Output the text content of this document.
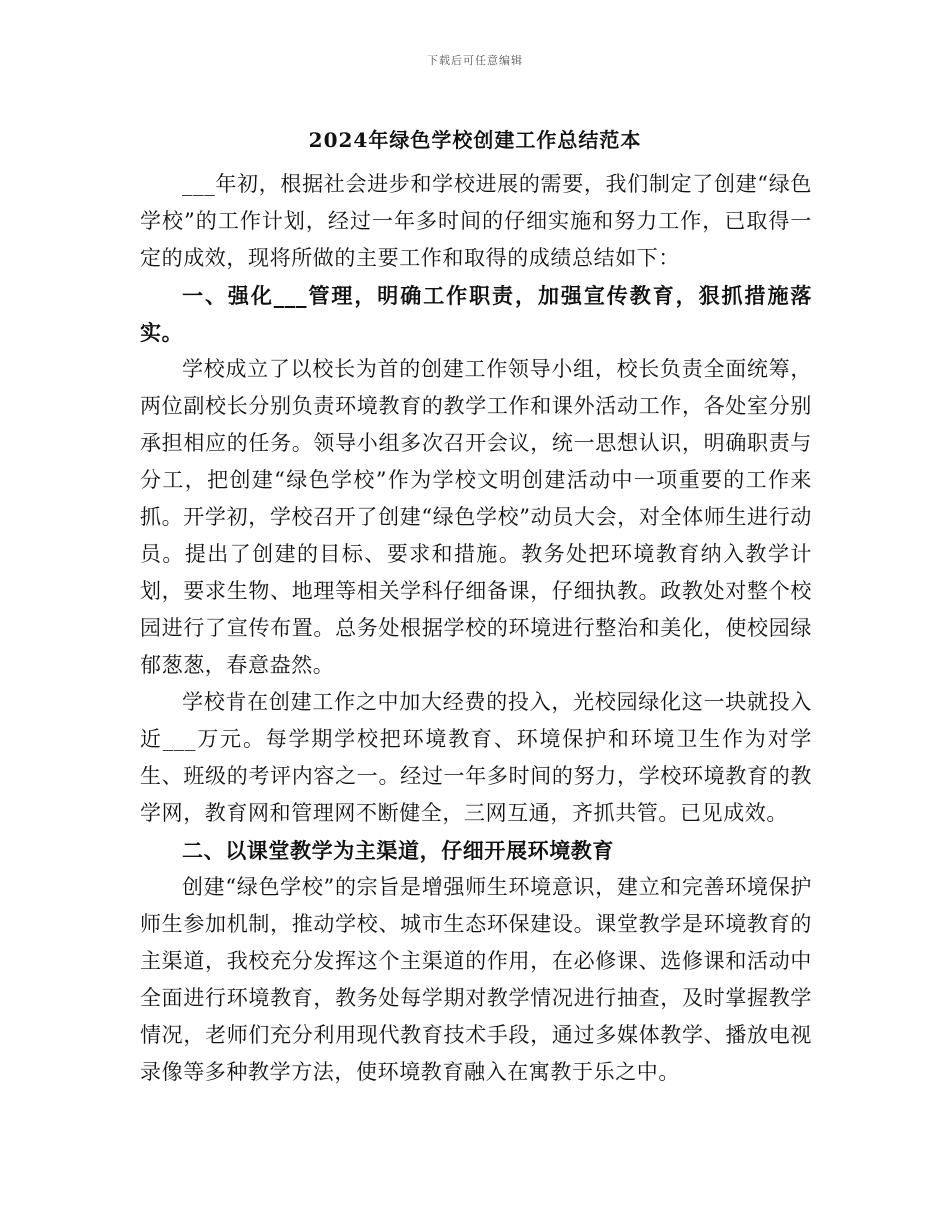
下载后可任意编辑
2024年绿色学校创建工作总结范本

___年初，根据社会进步和学校进展的需要，我们制定了创建“绿色学校”的工作计划，经过一年多时间的仔细实施和努力工作，已取得一定的成效，现将所做的主要工作和取得的成绩总结如下：

一、强化___管理，明确工作职责，加强宣传教育，狠抓措施落实。

学校成立了以校长为首的创建工作领导小组，校长负责全面统筹，两位副校长分别负责环境教育的教学工作和课外活动工作，各处室分别承担相应的任务。领导小组多次召开会议，统一思想认识，明确职责与分工，把创建“绿色学校”作为学校文明创建活动中一项重要的工作来抓。开学初，学校召开了创建“绿色学校”动员大会，对全体师生进行动员。提出了创建的目标、要求和措施。教务处把环境教育纳入教学计划，要求生物、地理等相关学科仔细备课，仔细执教。政教处对整个校园进行了宣传布置。总务处根据学校的环境进行整治和美化，使校园绿郁葱葱，春意盎然。

学校肯在创建工作之中加大经费的投入，光校园绿化这一块就投入近___万元。每学期学校把环境教育、环境保护和环境卫生作为对学生、班级的考评内容之一。经过一年多时间的努力，学校环境教育的教学网，教育网和管理网不断健全，三网互通，齐抓共管。已见成效。

二、以课堂教学为主渠道，仔细开展环境教育

创建“绿色学校”的宗旨是增强师生环境意识，建立和完善环境保护师生参加机制，推动学校、城市生态环保建设。课堂教学是环境教育的主渠道，我校充分发挥这个主渠道的作用，在必修课、选修课和活动中全面进行环境教育，教务处每学期对教学情况进行抽查，及时掌握教学情况，老师们充分利用现代教育技术手段，通过多媒体教学、播放电视录像等多种教学方法，使环境教育融入在寓教于乐之中。
